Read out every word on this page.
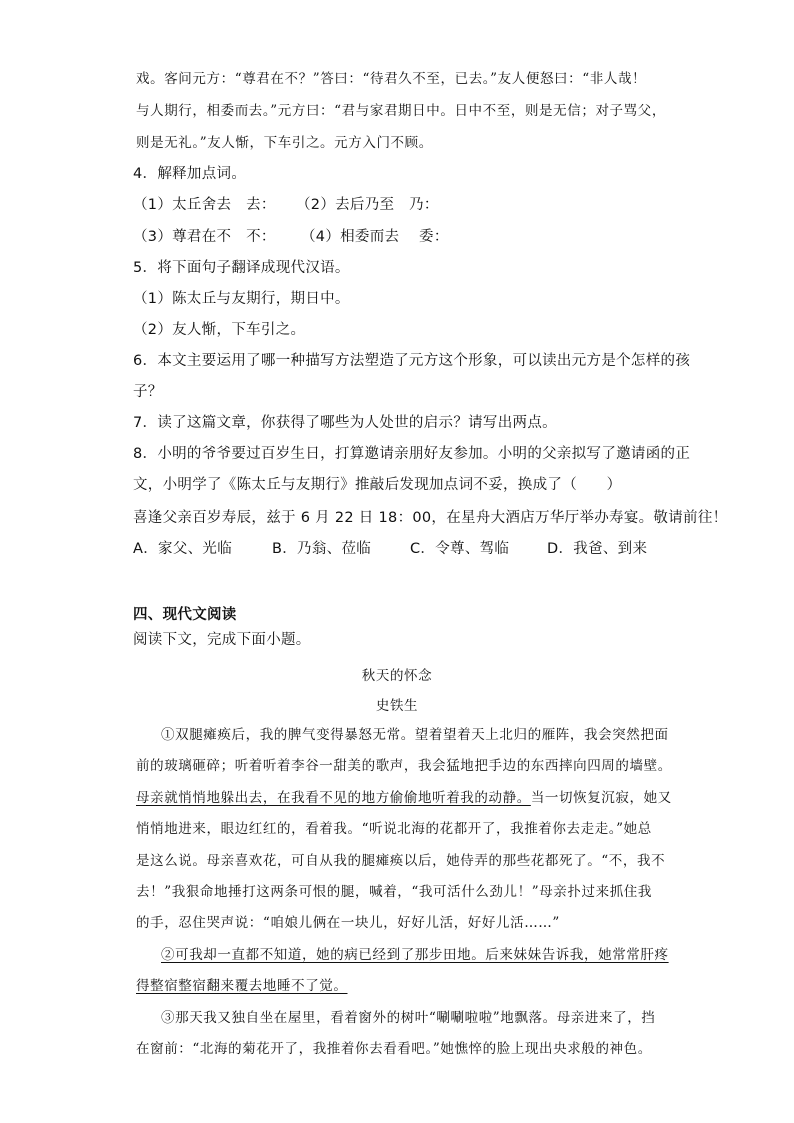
戏。客问元方：“尊君在不？”答曰：“待君久不至，已去。”友人便怒曰：“非人哉！
与人期行，相委而去。”元方曰：“君与家君期日中。日中不至，则是无信；对子骂父，
则是无礼。”友人惭，下车引之。元方入门不顾。
4．解释加点词。
（1）太丘舍去　去： （2）去后乃至　乃：
（3）尊君在不　不： （4）相委而去　 委：
5．将下面句子翻译成现代汉语。
（1）陈太丘与友期行，期日中。
（2）友人惭，下车引之。
6．本文主要运用了哪一种描写方法塑造了元方这个形象，可以读出元方是个怎样的孩
子？
7．读了这篇文章，你获得了哪些为人处世的启示？请写出两点。
8．小明的爷爷要过百岁生日，打算邀请亲朋好友参加。小明的父亲拟写了邀请函的正
文，小明学了《陈太丘与友期行》推敲后发现加点词不妥，换成了（　　）
喜逢父亲百岁寿辰，兹于 6 月 22 日 18：00，在星舟大酒店万华厅举办寿宴。敬请前往！
A．家父、光临	B．乃翁、莅临	C．令尊、驾临	D．我爸、到来
四、现代文阅读
阅读下文，完成下面小题。
秋天的怀念
史铁生
①双腿瘫痪后，我的脾气变得暴怒无常。望着望着天上北归的雁阵，我会突然把面
前的玻璃砸碎；听着听着李谷一甜美的歌声，我会猛地把手边的东西摔向四周的墙壁。
母亲就悄悄地躲出去，在我看不见的地方偷偷地听着我的动静。当一切恢复沉寂，她又
悄悄地进来，眼边红红的，看着我。“听说北海的花都开了，我推着你去走走。”她总
是这么说。母亲喜欢花，可自从我的腿瘫痪以后，她侍弄的那些花都死了。“不，我不
去！”我狠命地捶打这两条可恨的腿，喊着，“我可活什么劲儿！”母亲扑过来抓住我
的手，忍住哭声说：“咱娘儿俩在一块儿，好好儿活，好好儿活……”
②可我却一直都不知道，她的病已经到了那步田地。后来妹妹告诉我，她常常肝疼
得整宿整宿翻来覆去地睡不了觉。
③那天我又独自坐在屋里，看着窗外的树叶“唰唰啦啦”地飘落。母亲进来了，挡
在窗前：“北海的菊花开了，我推着你去看看吧。”她憔悴的脸上现出央求般的神色。
